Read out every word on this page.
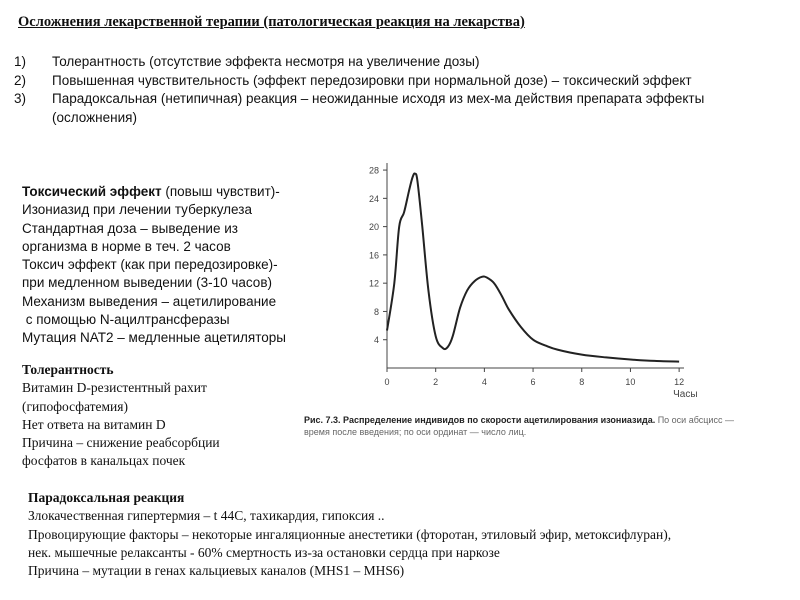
Осложнения лекарственной терапии (патологическая реакция на лекарства)
1)	Толерантность (отсутствие эффекта несмотря на увеличение дозы)
2)	Повышенная чувствительность (эффект передозировки при нормальной дозе) – токсический эффект
3)	Парадоксальная (нетипичная) реакция – неожиданные исходя из мех-ма действия препарата эффекты
(осложнения)
Токсический эффект (повыш чувствит)-
Изониазид при лечении туберкулеза
Стандартная доза – выведение из
организма в норме в теч. 2 часов
Токсич эффект (как при передозировке)-
при медленном выведении (3-10 часов)
Механизм выведения – ацетилирование
с помощью N-ацилтрансферазы
Мутация NAT2 – медленные ацетиляторы
Толерантность
Витамин D-резистентный рахит
(гипофосфатемия)
Нет ответа на витамин D
Причина – снижение реабсорбции
фосфатов в канальцах почек
Парадоксальная реакция
Злокачественная гипертермия – t 44С, тахикардия, гипоксия ..
Провоцирующие факторы – некоторые ингаляционные анестетики (фторотан, этиловый эфир, метоксифлуран),
нек. мышечные релаксанты - 60% смертность из-за остановки сердца при наркозе
Причина – мутации в генах кальциевых каналов (MHS1 – MHS6)
4
8
12
16
20
24
28
0	2	4	6	8	10	12
Часы
Рис. 7.3. Распределение индивидов по скорости ацетилирования изониазида. По оси абсцисс — время после введения; по оси ординат — число лиц.
